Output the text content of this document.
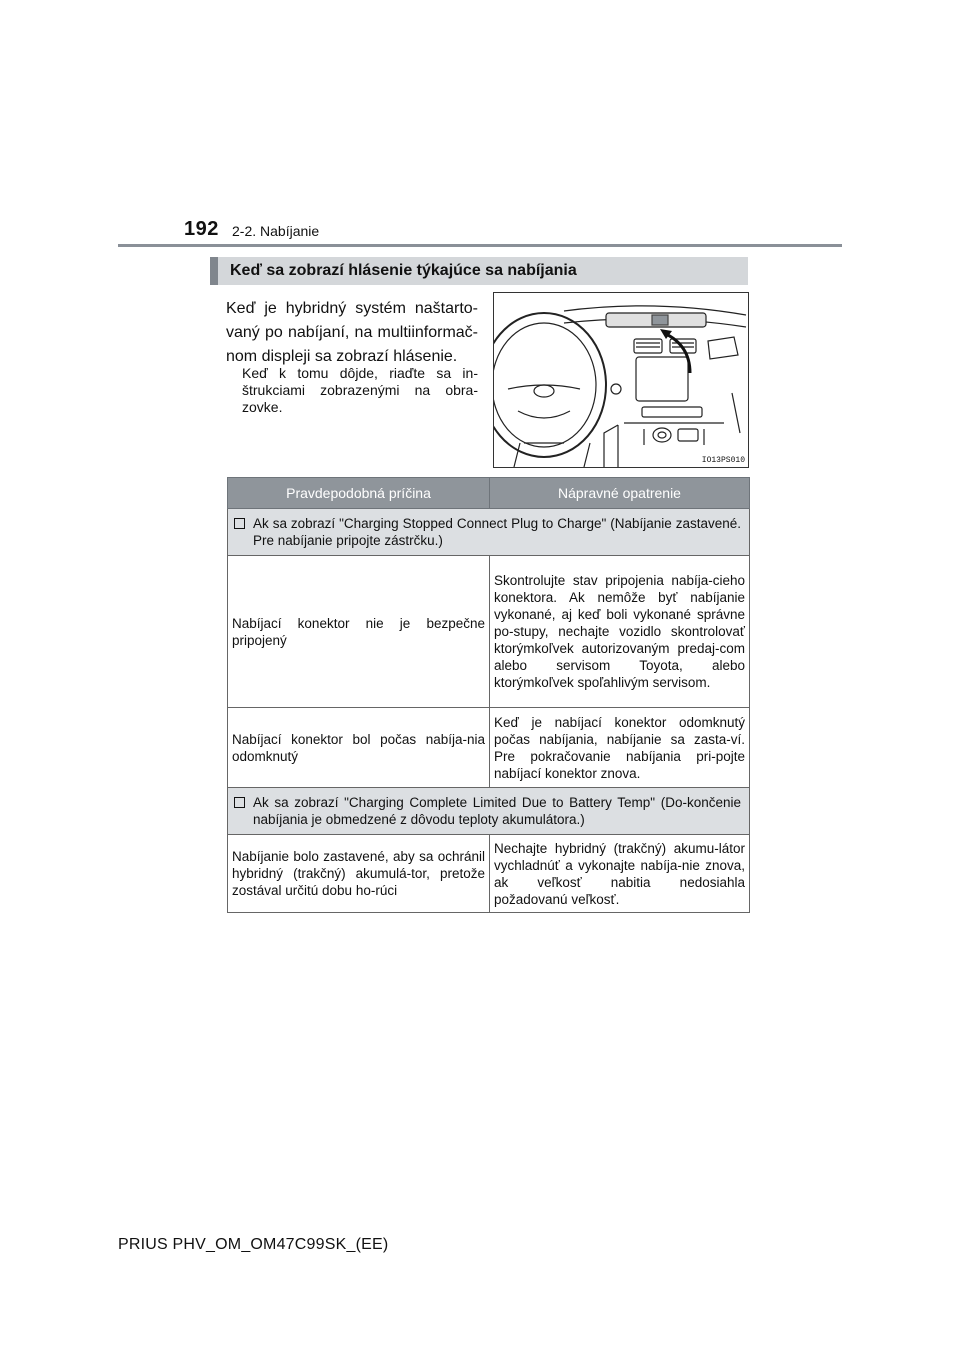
192 2-2. Nabíjanie
Keď sa zobrazí hlásenie týkajúce sa nabíjania
Keď je hybridný systém naštarto-vaný po nabíjaní, na multiinformač-nom displeji sa zobrazí hlásenie.
Keď k tomu dôjde, riaďte sa in-štrukciami zobrazenými na obra-zovke.
IO13PS010
Pravdepodobná príčina	Nápravné opatrenie

Ak sa zobrazí "Charging Stopped Connect Plug to Charge" (Nabíjanie zastavené. Pre nabíjanie pripojte zástrčku.)	

Nabíjací konektor nie je bezpečne pripojený	Skontrolujte stav pripojenia nabíja-cieho konektora. Ak nemôže byť nabíjanie vykonané, aj keď boli vykonané správne po-stupy, nechajte vozidlo skontrolovať ktorýmkoľvek autorizovaným predaj-com alebo servisom Toyota, alebo ktorýmkoľvek spoľahlivým servisom.
Nabíjací konektor bol počas nabíja-nia odomknutý	Keď je nabíjací konektor odomknutý počas nabíjania, nabíjanie sa zasta-ví. Pre pokračovanie nabíjania pri-pojte nabíjací konektor znova.

Ak sa zobrazí "Charging Complete Limited Due to Battery Temp" (Do-končenie nabíjania je obmedzené z dôvodu teploty akumulátora.)	

Nabíjanie bolo zastavené, aby sa ochránil hybridný (trakčný) akumulá-tor, pretože zostával určitú dobu ho-rúci	Nechajte hybridný (trakčný) akumu-látor vychladnúť a vykonajte nabíja-nie znova, ak veľkosť nabitia nedosiahla požadovanú veľkosť.
PRIUS PHV_OM_OM47C99SK_(EE)
